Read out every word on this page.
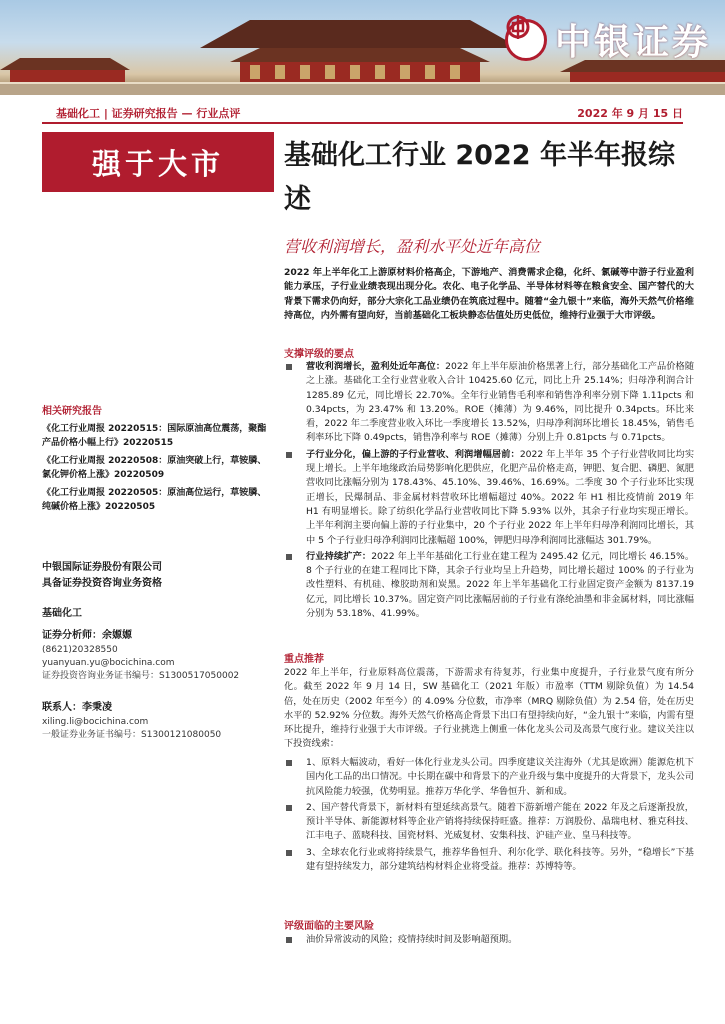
中银证券
基础化工 | 证券研究报告 — 行业点评	2022 年 9 月 15 日
强于大市
相关研究报告
《化工行业周报 20220515：国际原油高位震荡，聚酯产品价格小幅上行》20220515
《化工行业周报 20220508：原油突破上行，草铵膦、氯化钾价格上涨》20220509
《化工行业周报 20220505：原油高位运行，草铵膦、纯碱价格上涨》20220505
中银国际证券股份有限公司
具备证券投资咨询业务资格
基础化工
证券分析师：余嫄嫄
(8621)20328550
yuanyuan.yu@bocichina.com
证券投资咨询业务证书编号：S1300517050002
联系人：李秉凌
xiling.li@bocichina.com
一般证券业务证书编号：S1300121080050
基础化工行业 2022 年半年报综述
营收利润增长，盈利水平处近年高位
2022 年上半年化工上游原材料价格高企，下游地产、消费需求企稳，化纤、氯碱等中游子行业盈利能力承压，子行业业绩表现出现分化。农化、电子化学品、半导体材料等在粮食安全、国产替代的大背景下需求仍向好，部分大宗化工品业绩仍在筑底过程中。随着“金九银十”来临，海外天然气价格维持高位，内外需有望向好，当前基础化工板块静态估值处历史低位，维持行业强于大市评级。
支撑评级的要点
营收利润增长，盈利处近年高位：2022 年上半年原油价格黑著上行，部分基础化工产品价格随之上涨。基础化工全行业营业收入合计 10425.60 亿元，同比上升 25.14%；归母净利润合计 1285.89 亿元，同比增长 22.70%。全年行业销售毛利率和销售净利率分别下降 1.11pcts 和 0.34pcts，为 23.47% 和 13.20%。ROE（摊薄）为 9.46%，同比提升 0.34pcts。环比来看，2022 年二季度营业收入环比一季度增长 13.52%，归母净利润环比增长 18.45%，销售毛利率环比下降 0.49pcts，销售净利率与 ROE（摊薄）分别上升 0.81pcts 与 0.71pcts。
子行业分化，偏上游的子行业营收、利润增幅居前：2022 年上半年 35 个子行业营收同比均实现上增长。上半年地缘政治局势影响化肥供应，化肥产品价格走高，钾肥、复合肥、磷肥、氮肥营收同比涨幅分别为 178.43%、45.10%、39.46%、16.69%。二季度 30 个子行业环比实现正增长，民爆制品、非金属材料营收环比增幅超过 40%。2022 年 H1 相比疫情前 2019 年 H1 有明显增长。除了纺织化学品行业营收同比下降 5.93% 以外，其余子行业均实现正增长。上半年利润主要向偏上游的子行业集中，20 个子行业 2022 年上半年归母净利润同比增长，其中 5 个子行业归母净利润同比涨幅超 100%，钾肥归母净利润同比涨幅达 301.79%。
行业持续扩产：2022 年上半年基础化工行业在建工程为 2495.42 亿元，同比增长 46.15%。8 个子行业的在建工程同比下降，其余子行业均呈上升趋势，同比增长超过 100% 的子行业为改性塑料、有机硅、橡胶助剂和炭黑。2022 年上半年基础化工行业固定资产金额为 8137.19 亿元，同比增长 10.37%。固定资产同比涨幅居前的子行业有涤纶油墨和非金属材料，同比涨幅分别为 53.18%、41.99%。
重点推荐
2022 年上半年，行业原料高位震荡，下游需求有待复苏，行业集中度提升，子行业景气度有所分化。截至 2022 年 9 月 14 日，SW 基础化工（2021 年版）市盈率（TTM 剔除负值）为 14.54 倍，处在历史（2002 年至今）的 4.09% 分位数，市净率（MRQ 剔除负值）为 2.54 倍，处在历史水平的 52.92% 分位数。海外天然气价格高企背景下出口有望持续向好，“金九银十”来临，内需有望环比提升，维持行业强于大市评级。子行业挑选上侧重一体化龙头公司及高景气度行业。建议关注以下投资线索：
1、原料大幅波动，看好一体化行业龙头公司。四季度建议关注海外（尤其是欧洲）能源危机下国内化工品的出口情况。中长期在碳中和背景下的产业升级与集中度提升的大背景下，龙头公司抗风险能力较强，优势明显。推荐万华化学、华鲁恒升、新和成。
2、国产替代背景下，新材料有望延续高景气。随着下游新增产能在 2022 年及之后逐渐投放，预计半导体、新能源材料等企业产销将持续保持旺盛。推荐：万润股份、晶瑞电材、雅克科技、江丰电子、蓝晓科技、国瓷材料、光威复材、安集科技、沪硅产业、皇马科技等。
3、全球农化行业或将持续景气，推荐华鲁恒升、利尔化学、联化科技等。另外，“稳增长”下基建有望持续发力，部分建筑结构材料企业将受益。推荐：苏博特等。
评级面临的主要风险
油价异常波动的风险；疫情持续时间及影响超预期。
